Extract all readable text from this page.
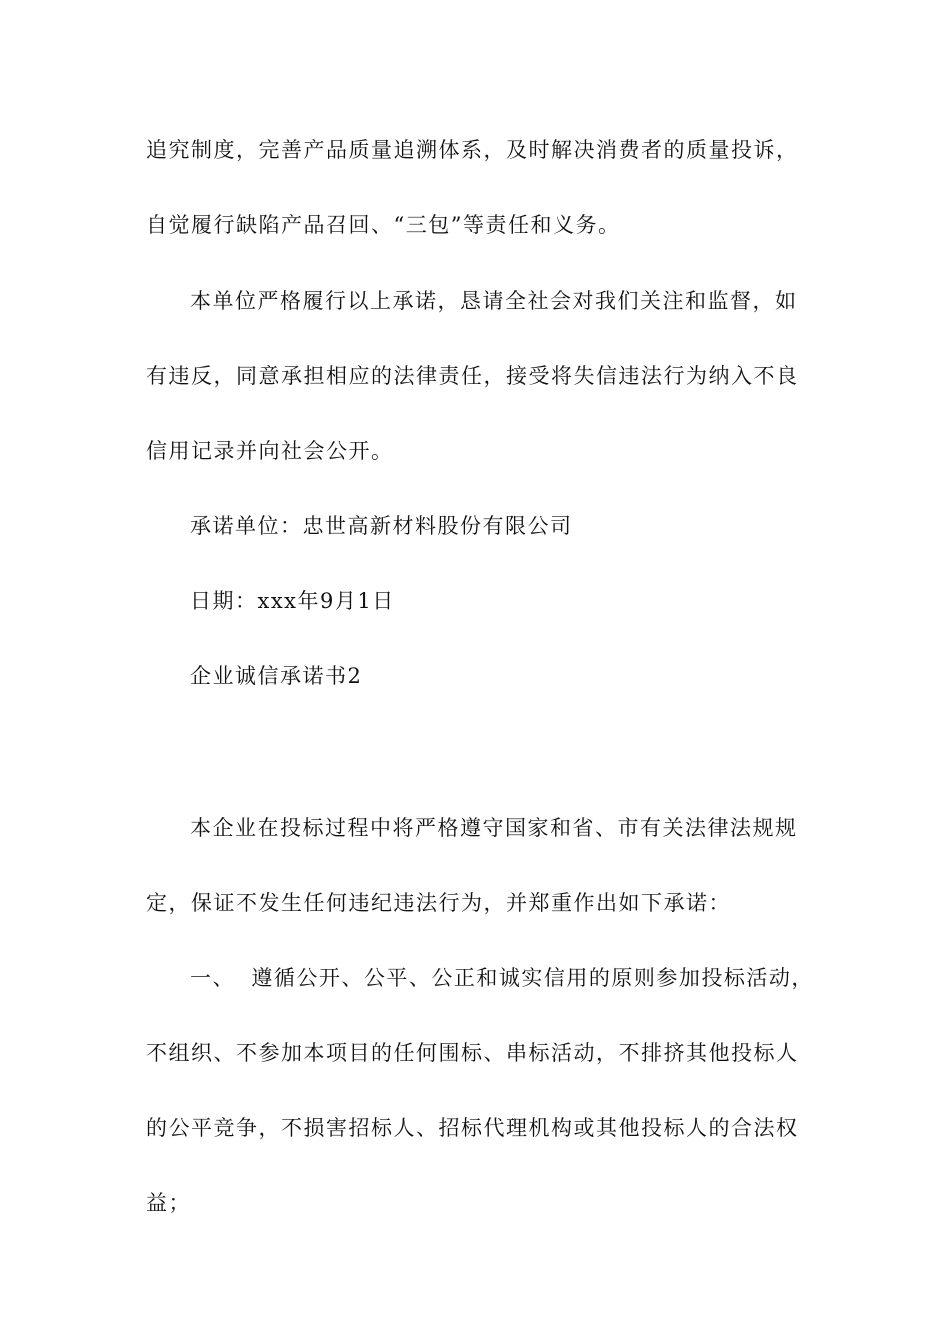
追究制度，完善产品质量追溯体系，及时解决消费者的质量投诉，
自觉履行缺陷产品召回、“三包”等责任和义务。
本单位严格履行以上承诺，恳请全社会对我们关注和监督，如
有违反，同意承担相应的法律责任，接受将失信违法行为纳入不良
信用记录并向社会公开。
承诺单位：忠世高新材料股份有限公司
日期：xxx年9月1日
企业诚信承诺书2
本企业在投标过程中将严格遵守国家和省、市有关法律法规规
定，保证不发生任何违纪违法行为，并郑重作出如下承诺：
一、  遵循公开、公平、公正和诚实信用的原则参加投标活动，
不组织、不参加本项目的任何围标、串标活动，不排挤其他投标人
的公平竞争，不损害招标人、招标代理机构或其他投标人的合法权
益；
